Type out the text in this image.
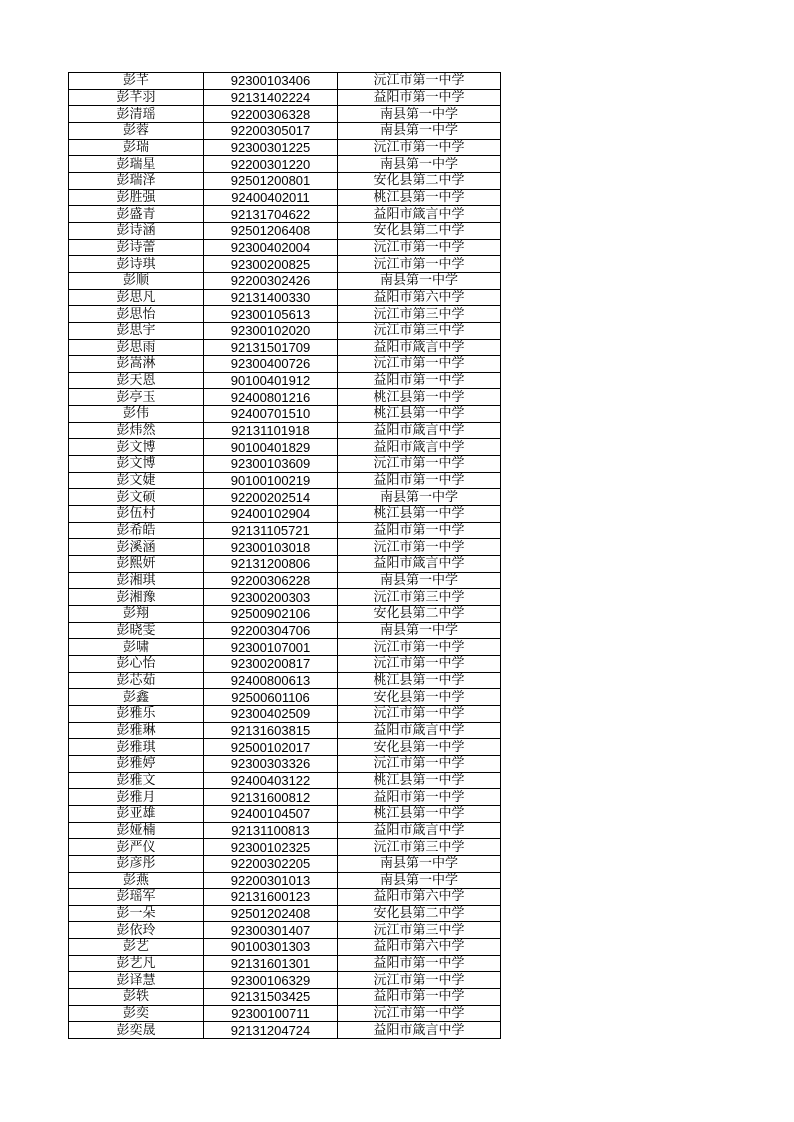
彭芊	92300103406	沅江市第一中学
彭芊羽	92131402224	益阳市第一中学
彭清瑶	92200306328	南县第一中学
彭蓉	92200305017	南县第一中学
彭瑞	92300301225	沅江市第一中学
彭瑞星	92200301220	南县第一中学
彭瑞泽	92501200801	安化县第二中学
彭胜强	92400402011	桃江县第一中学
彭盛青	92131704622	益阳市箴言中学
彭诗涵	92501206408	安化县第二中学
彭诗蕾	92300402004	沅江市第一中学
彭诗琪	92300200825	沅江市第一中学
彭顺	92200302426	南县第一中学
彭思凡	92131400330	益阳市第六中学
彭思怡	92300105613	沅江市第三中学
彭思宇	92300102020	沅江市第三中学
彭思雨	92131501709	益阳市箴言中学
彭嵩淋	92300400726	沅江市第一中学
彭天恩	90100401912	益阳市第一中学
彭亭玉	92400801216	桃江县第一中学
彭伟	92400701510	桃江县第一中学
彭炜然	92131101918	益阳市箴言中学
彭文博	90100401829	益阳市箴言中学
彭文博	92300103609	沅江市第一中学
彭文婕	90100100219	益阳市第一中学
彭文硕	92200202514	南县第一中学
彭伍村	92400102904	桃江县第一中学
彭希皓	92131105721	益阳市第一中学
彭溪涵	92300103018	沅江市第一中学
彭熙妍	92131200806	益阳市箴言中学
彭湘琪	92200306228	南县第一中学
彭湘豫	92300200303	沅江市第三中学
彭翔	92500902106	安化县第二中学
彭晓雯	92200304706	南县第一中学
彭啸	92300107001	沅江市第一中学
彭心怡	92300200817	沅江市第一中学
彭芯茹	92400800613	桃江县第一中学
彭鑫	92500601106	安化县第一中学
彭雅乐	92300402509	沅江市第一中学
彭雅琳	92131603815	益阳市箴言中学
彭雅琪	92500102017	安化县第一中学
彭雅婷	92300303326	沅江市第一中学
彭雅文	92400403122	桃江县第一中学
彭雅月	92131600812	益阳市第一中学
彭亚雄	92400104507	桃江县第一中学
彭娅楠	92131100813	益阳市箴言中学
彭严仪	92300102325	沅江市第三中学
彭彦彤	92200302205	南县第一中学
彭燕	92200301013	南县第一中学
彭瑶军	92131600123	益阳市第六中学
彭一朵	92501202408	安化县第二中学
彭依玲	92300301407	沅江市第三中学
彭艺	90100301303	益阳市第六中学
彭艺凡	92131601301	益阳市第一中学
彭译慧	92300106329	沅江市第一中学
彭轶	92131503425	益阳市第一中学
彭奕	92300100711	沅江市第一中学
彭奕晟	92131204724	益阳市箴言中学
